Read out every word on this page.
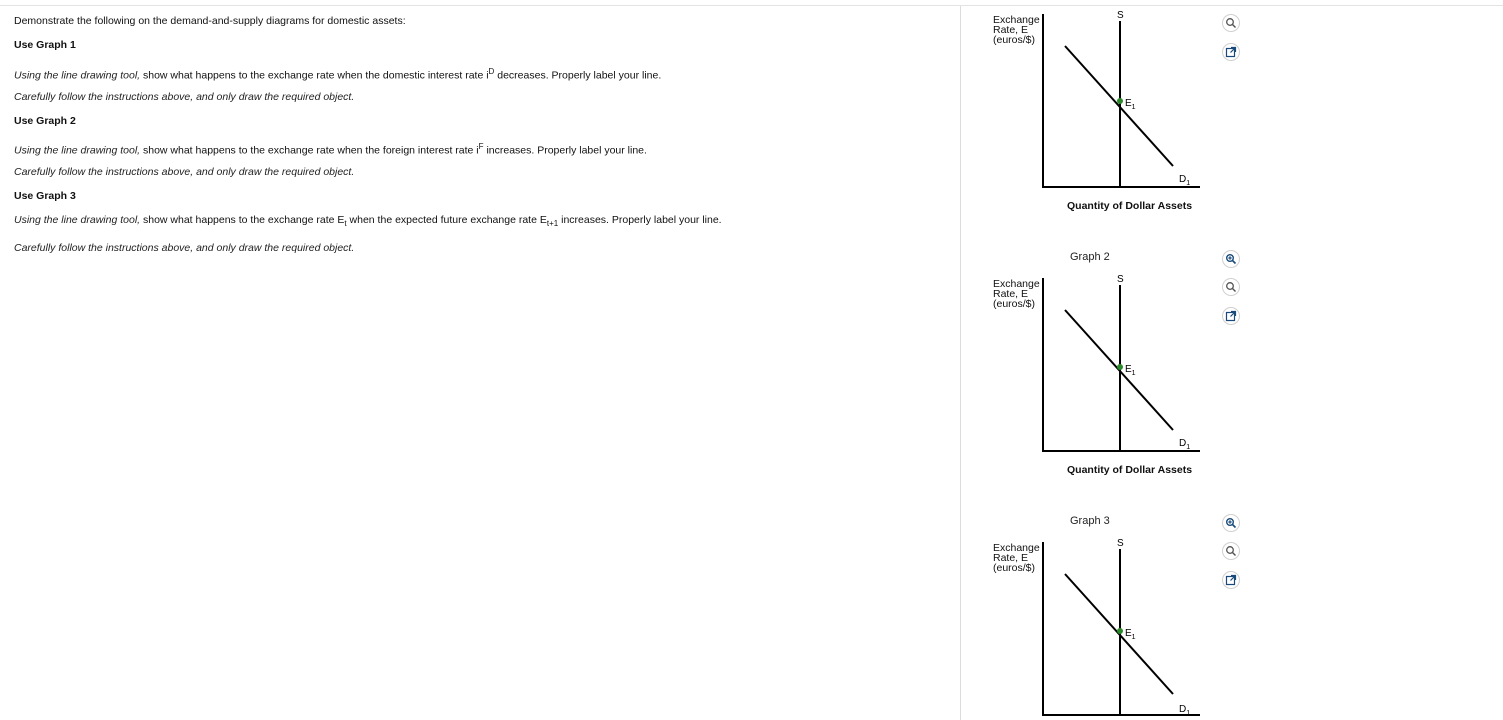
Demonstrate the following on the demand-and-supply diagrams for domestic assets:
Use Graph 1
Using the line drawing tool, show what happens to the exchange rate when the domestic interest rate $i^D$ decreases. Properly label your line.
Carefully follow the instructions above, and only draw the required object.
Use Graph 2
Using the line drawing tool, show what happens to the exchange rate when the foreign interest rate $i^F$ increases. Properly label your line.
Carefully follow the instructions above, and only draw the required object.
Use Graph 3
Using the line drawing tool, show what happens to the exchange rate $E_t$ when the expected future exchange rate $E_{t+1}$ increases. Properly label your line.
Carefully follow the instructions above, and only draw the required object.
Exchange
Rate, E
(euros/$)
S
$E_1$
$D_1$
Quantity of Dollar Assets
Graph 2
Exchange
Rate, E
(euros/$)
S
$E_1$
$D_1$
Quantity of Dollar Assets
Graph 3
Exchange
Rate, E
(euros/$)
S
$E_1$
$D_1$
